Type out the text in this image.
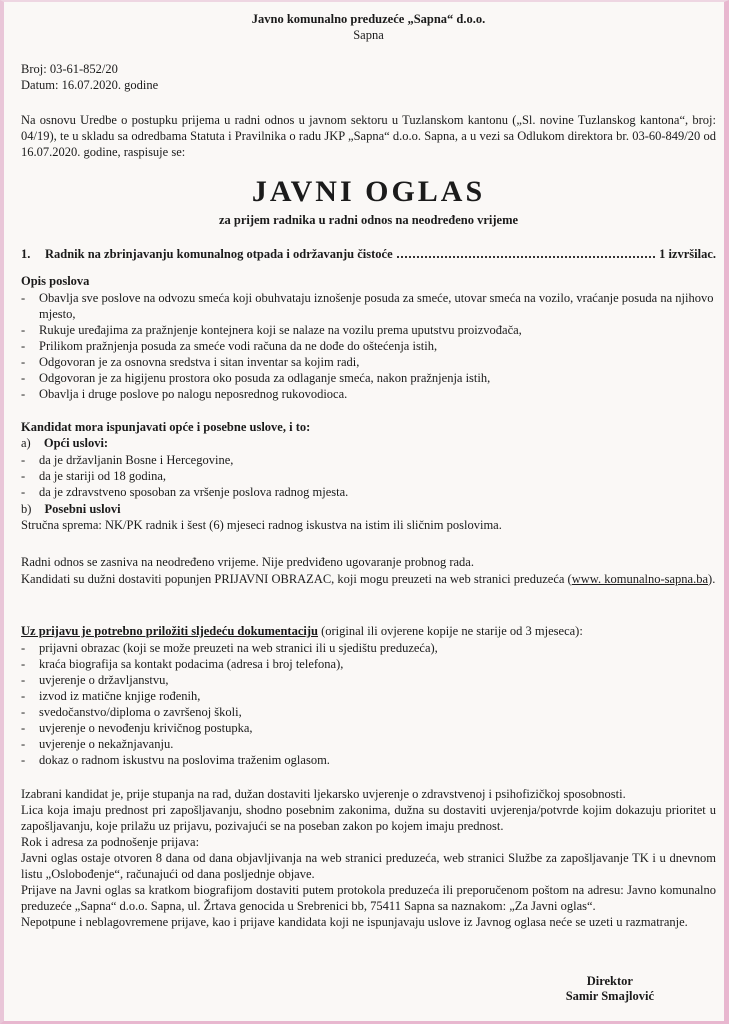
Javno komunalno preduzeće „Sapna“ d.o.o.
Sapna
Broj: 03-61-852/20
Datum: 16.07.2020. godine
Na osnovu Uredbe o postupku prijema u radni odnos u javnom sektoru u Tuzlanskom kantonu („Sl. novine Tuzlanskog kantona“, broj: 04/19), te u skladu sa odredbama Statuta i Pravilnika o radu JKP „Sapna“ d.o.o. Sapna, a u vezi sa Odlukom direktora br. 03-60-849/20 od 16.07.2020. godine, raspisuje se:
JAVNI OGLAS
za prijem radnika u radni odnos na neodređeno vrijeme
1.	Radnik na zbrinjavanju komunalnog otpada i održavanju čistoće	1 izvršilac.
Opis poslova
- Obavlja sve poslove na odvozu smeća koji obuhvataju iznošenje posuda za smeće, utovar smeća na vozilo, vraćanje posuda na njihovo mjesto,
- Rukuje uređajima za pražnjenje kontejnera koji se nalaze na vozilu prema uputstvu proizvođača,
- Prilikom pražnjenja posuda za smeće vodi računa da ne dođe do oštećenja istih,
- Odgovoran je za osnovna sredstva i sitan inventar sa kojim radi,
- Odgovoran je za higijenu prostora oko posuda za odlaganje smeća, nakon pražnjenja istih,
- Obavlja i druge poslove po nalogu neposrednog rukovodioca.
Kandidat mora ispunjavati opće i posebne uslove, i to:
a) Opći uslovi:
- da je državljanin Bosne i Hercegovine,
- da je stariji od 18 godina,
- da je zdravstveno sposoban za vršenje poslova radnog mjesta.
b) Posebni uslovi
Stručna sprema: NK/PK radnik i šest (6) mjeseci radnog iskustva na istim ili sličnim poslovima.
Radni odnos se zasniva na neodređeno vrijeme. Nije predviđeno ugovaranje probnog rada.
Kandidati su dužni dostaviti popunjen PRIJAVNI OBRAZAC, koji mogu preuzeti na web stranici preduzeća (www. komunalno-sapna.ba).
Uz prijavu je potrebno priložiti sljedeću dokumentaciju (original ili ovjerene kopije ne starije od 3 mjeseca):
- prijavni obrazac (koji se može preuzeti na web stranici ili u sjedištu preduzeća),
- kraća biografija sa kontakt podacima (adresa i broj telefona),
- uvjerenje o državljanstvu,
- izvod iz matične knjige rođenih,
- svedočanstvo/diploma o završenoj školi,
- uvjerenje o nevođenju krivičnog postupka,
- uvjerenje o nekažnjavanju.
- dokaz o radnom iskustvu na poslovima traženim oglasom.
Izabrani kandidat je, prije stupanja na rad, dužan dostaviti ljekarsko uvjerenje o zdravstvenoj i psihofizičkoj sposobnosti.
Lica koja imaju prednost pri zapošljavanju, shodno posebnim zakonima, dužna su dostaviti uvjerenja/potvrde kojim dokazuju prioritet u zapošljavanju, koje prilažu uz prijavu, pozivajući se na poseban zakon po kojem imaju prednost.
Rok i adresa za podnošenje prijava:
Javni oglas ostaje otvoren 8 dana od dana objavljivanja na web stranici preduzeća, web stranici Službe za zapošljavanje TK i u dnevnom listu „Oslobođenje“, računajući od dana posljednje objave.
Prijave na Javni oglas sa kratkom biografijom dostaviti putem protokola preduzeća ili preporučenom poštom na adresu: Javno komunalno preduzeće „Sapna“ d.o.o. Sapna, ul. Žrtava genocida u Srebrenici bb, 75411 Sapna sa naznakom: „Za Javni oglas“.
Nepotpune i neblagovremene prijave, kao i prijave kandidata koji ne ispunjavaju uslove iz Javnog oglasa neće se uzeti u razmatranje.
Direktor
Samir Smajlović
